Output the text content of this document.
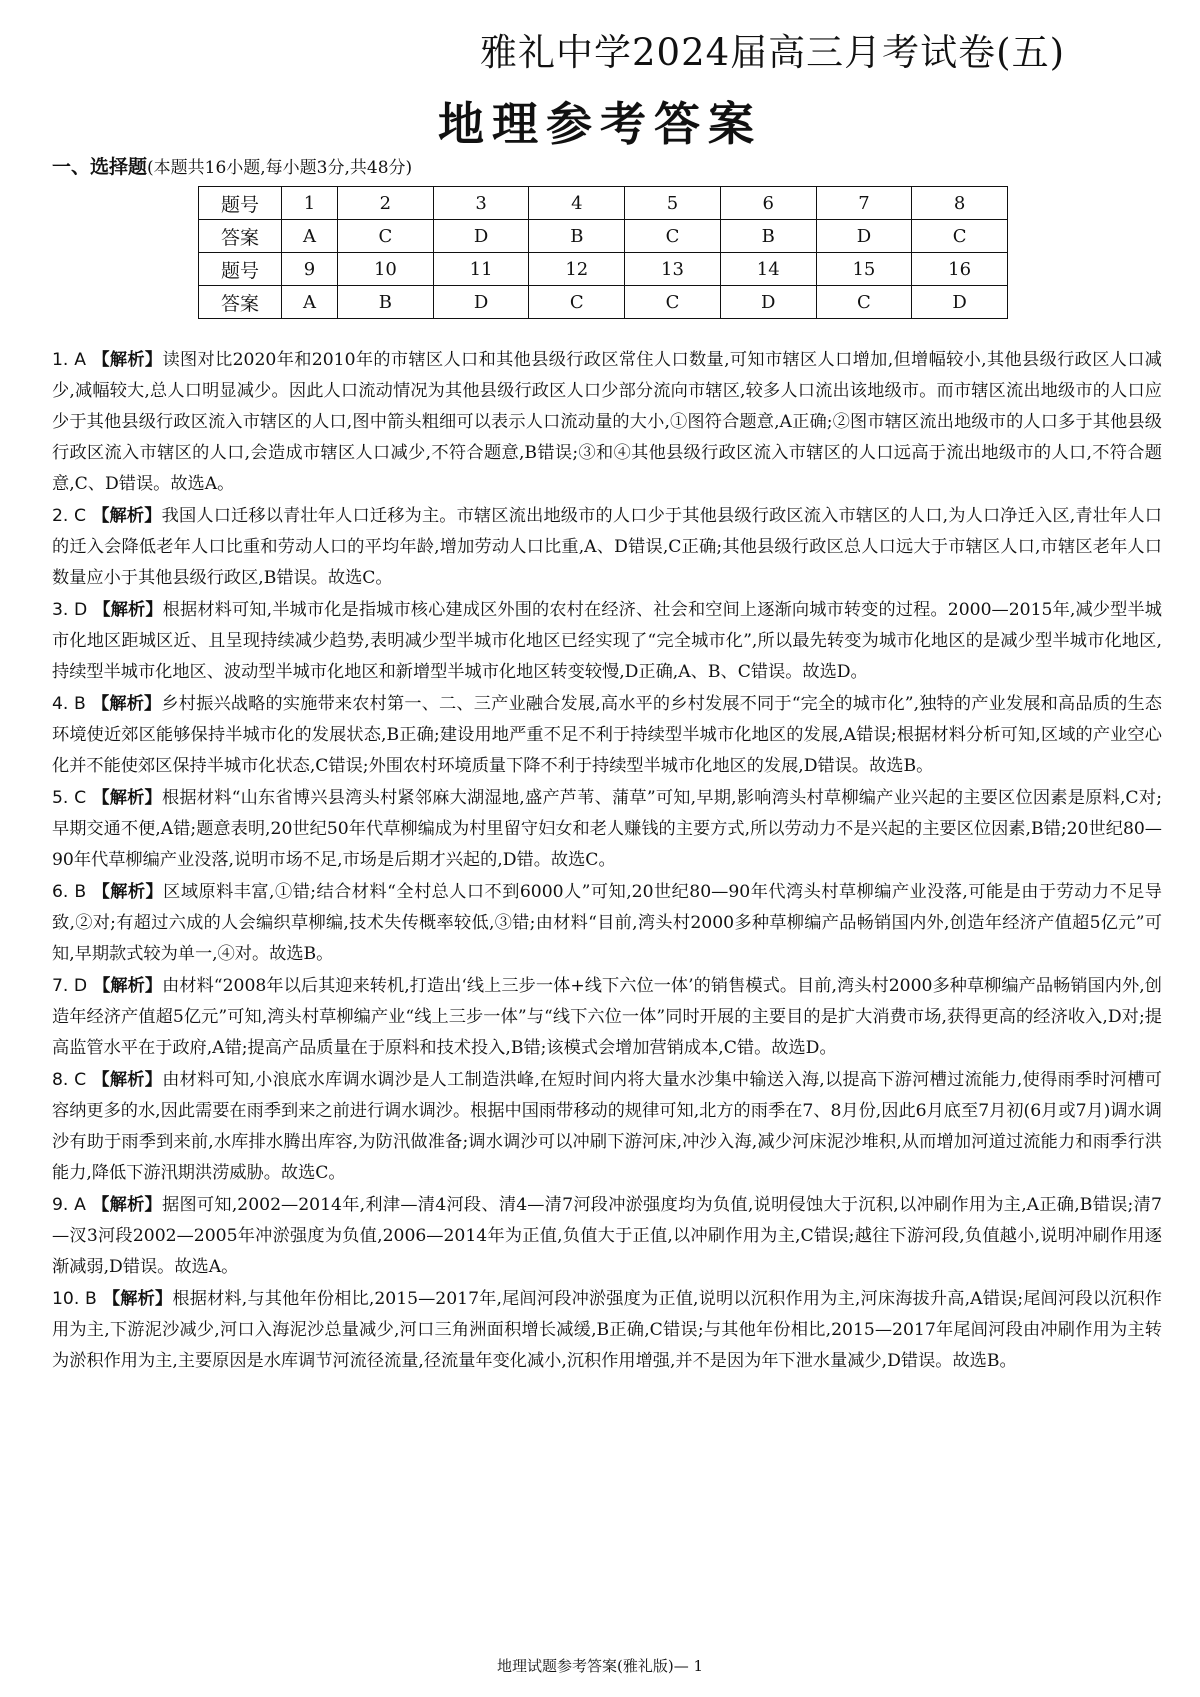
雅礼中学2024届高三月考试卷(五)
地理参考答案
一、选择题(本题共16小题,每小题3分,共48分)
题号	1	2	3	4	5	6	7	8
答案	A	C	D	B	C	B	D	C
题号	9	10	11	12	13	14	15	16
答案	A	B	D	C	C	D	C	D
1. A 【解析】读图对比2020年和2010年的市辖区人口和其他县级行政区常住人口数量,可知市辖区人口增加,但增幅较小,其他县级行政区人口减少,减幅较大,总人口明显减少。因此人口流动情况为其他县级行政区人口少部分流向市辖区,较多人口流出该地级市。而市辖区流出地级市的人口应少于其他县级行政区流入市辖区的人口,图中箭头粗细可以表示人口流动量的大小,①图符合题意,A正确;②图市辖区流出地级市的人口多于其他县级行政区流入市辖区的人口,会造成市辖区人口减少,不符合题意,B错误;③和④其他县级行政区流入市辖区的人口远高于流出地级市的人口,不符合题意,C、D错误。故选A。
2. C 【解析】我国人口迁移以青壮年人口迁移为主。市辖区流出地级市的人口少于其他县级行政区流入市辖区的人口,为人口净迁入区,青壮年人口的迁入会降低老年人口比重和劳动人口的平均年龄,增加劳动人口比重,A、D错误,C正确;其他县级行政区总人口远大于市辖区人口,市辖区老年人口数量应小于其他县级行政区,B错误。故选C。
3. D 【解析】根据材料可知,半城市化是指城市核心建成区外围的农村在经济、社会和空间上逐渐向城市转变的过程。2000—2015年,减少型半城市化地区距城区近、且呈现持续减少趋势,表明减少型半城市化地区已经实现了“完全城市化”,所以最先转变为城市化地区的是减少型半城市化地区,持续型半城市化地区、波动型半城市化地区和新增型半城市化地区转变较慢,D正确,A、B、C错误。故选D。
4. B 【解析】乡村振兴战略的实施带来农村第一、二、三产业融合发展,高水平的乡村发展不同于“完全的城市化”,独特的产业发展和高品质的生态环境使近郊区能够保持半城市化的发展状态,B正确;建设用地严重不足不利于持续型半城市化地区的发展,A错误;根据材料分析可知,区域的产业空心化并不能使郊区保持半城市化状态,C错误;外围农村环境质量下降不利于持续型半城市化地区的发展,D错误。故选B。
5. C 【解析】根据材料“山东省博兴县湾头村紧邻麻大湖湿地,盛产芦苇、蒲草”可知,早期,影响湾头村草柳编产业兴起的主要区位因素是原料,C对;早期交通不便,A错;题意表明,20世纪50年代草柳编成为村里留守妇女和老人赚钱的主要方式,所以劳动力不是兴起的主要区位因素,B错;20世纪80—90年代草柳编产业没落,说明市场不足,市场是后期才兴起的,D错。故选C。
6. B 【解析】区域原料丰富,①错;结合材料“全村总人口不到6000人”可知,20世纪80—90年代湾头村草柳编产业没落,可能是由于劳动力不足导致,②对;有超过六成的人会编织草柳编,技术失传概率较低,③错;由材料“目前,湾头村2000多种草柳编产品畅销国内外,创造年经济产值超5亿元”可知,早期款式较为单一,④对。故选B。
7. D 【解析】由材料“2008年以后其迎来转机,打造出‘线上三步一体+线下六位一体’的销售模式。目前,湾头村2000多种草柳编产品畅销国内外,创造年经济产值超5亿元”可知,湾头村草柳编产业“线上三步一体”与“线下六位一体”同时开展的主要目的是扩大消费市场,获得更高的经济收入,D对;提高监管水平在于政府,A错;提高产品质量在于原料和技术投入,B错;该模式会增加营销成本,C错。故选D。
8. C 【解析】由材料可知,小浪底水库调水调沙是人工制造洪峰,在短时间内将大量水沙集中输送入海,以提高下游河槽过流能力,使得雨季时河槽可容纳更多的水,因此需要在雨季到来之前进行调水调沙。根据中国雨带移动的规律可知,北方的雨季在7、8月份,因此6月底至7月初(6月或7月)调水调沙有助于雨季到来前,水库排水腾出库容,为防汛做准备;调水调沙可以冲刷下游河床,冲沙入海,减少河床泥沙堆积,从而增加河道过流能力和雨季行洪能力,降低下游汛期洪涝威胁。故选C。
9. A 【解析】据图可知,2002—2014年,利津—清4河段、清4—清7河段冲淤强度均为负值,说明侵蚀大于沉积,以冲刷作用为主,A正确,B错误;清7—汊3河段2002—2005年冲淤强度为负值,2006—2014年为正值,负值大于正值,以冲刷作用为主,C错误;越往下游河段,负值越小,说明冲刷作用逐渐减弱,D错误。故选A。
10. B 【解析】根据材料,与其他年份相比,2015—2017年,尾闾河段冲淤强度为正值,说明以沉积作用为主,河床海拔升高,A错误;尾闾河段以沉积作用为主,下游泥沙减少,河口入海泥沙总量减少,河口三角洲面积增长减缓,B正确,C错误;与其他年份相比,2015—2017年尾闾河段由冲刷作用为主转为淤积作用为主,主要原因是水库调节河流径流量,径流量年变化减小,沉积作用增强,并不是因为年下泄水量减少,D错误。故选B。
地理试题参考答案(雅礼版)— 1
